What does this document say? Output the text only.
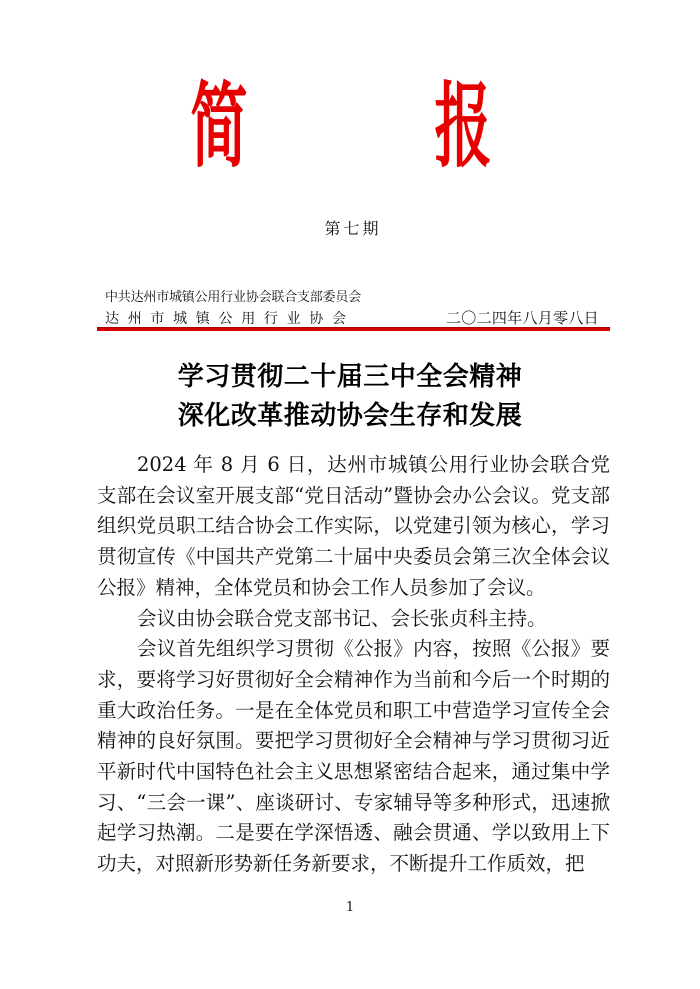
简 报
第七期
中共达州市城镇公用行业协会联合支部委员会
达州市城镇公用行业协会	二〇二四年八月零八日
学习贯彻二十届三中全会精神
深化改革推动协会生存和发展

2024 年 8 月 6 日，达州市城镇公用行业协会联合党支部在会议室开展支部“党日活动”暨协会办公会议。党支部组织党员职工结合协会工作实际，以党建引领为核心，学习贯彻宣传《中国共产党第二十届中央委员会第三次全体会议公报》精神，全体党员和协会工作人员参加了会议。

会议由协会联合党支部书记、会长张贞科主持。

会议首先组织学习贯彻《公报》内容，按照《公报》要求，要将学习好贯彻好全会精神作为当前和今后一个时期的重大政治任务。一是在全体党员和职工中营造学习宣传全会精神的良好氛围。要把学习贯彻好全会精神与学习贯彻习近平新时代中国特色社会主义思想紧密结合起来，通过集中学习、“三会一课”、座谈研讨、专家辅导等多种形式，迅速掀起学习热潮。二是要在学深悟透、融会贯通、学以致用上下功夫，对照新形势新任务新要求，不断提升工作质效，把

1
